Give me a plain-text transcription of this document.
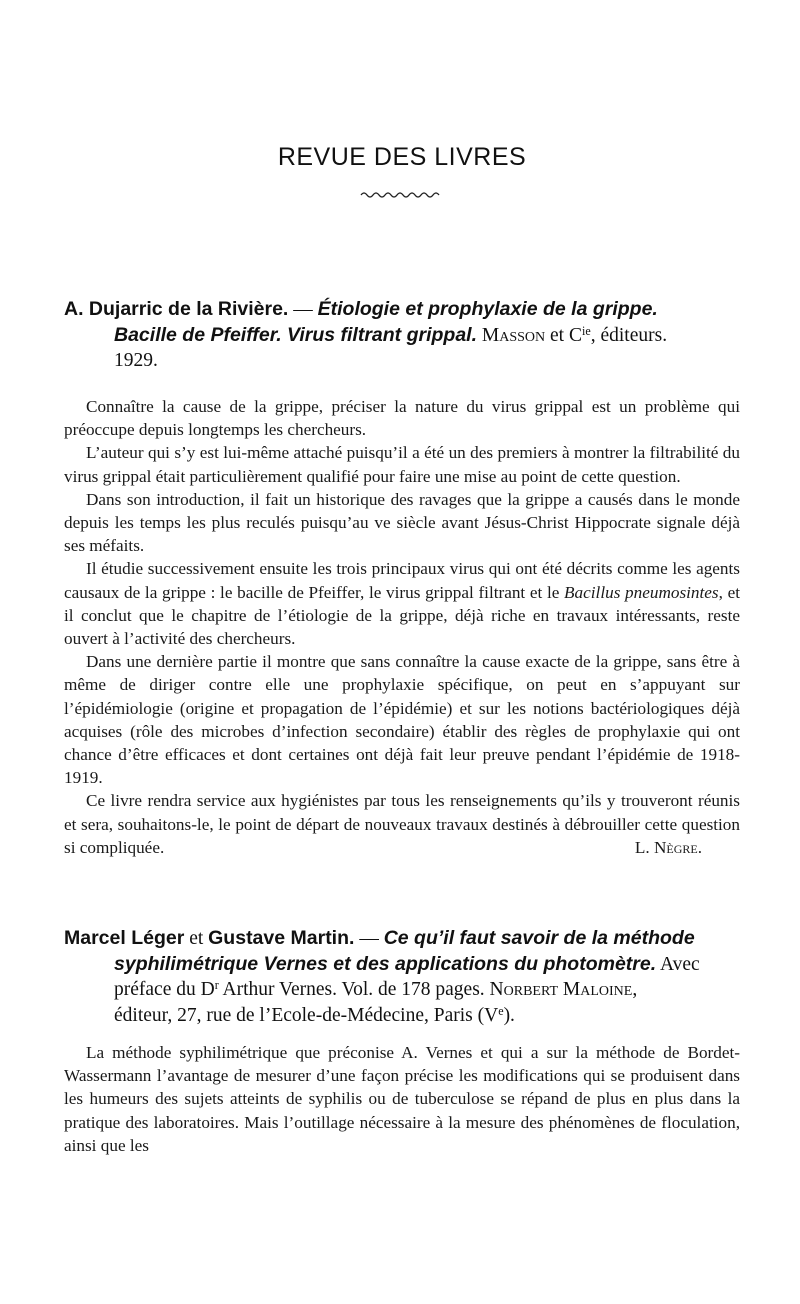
REVUE DES LIVRES
A. Dujarric de la Rivière. — Étiologie et prophylaxie de la grippe.
Bacille de Pfeiffer. Virus filtrant grippal. Masson et $C^{ie}$, éditeurs.
1929.

Connaître la cause de la grippe, préciser la nature du virus grippal est un problème qui préoccupe depuis longtemps les chercheurs.

L’auteur qui s’y est lui-même attaché puisqu’il a été un des premiers à montrer la filtrabilité du virus grippal était particulièrement qualifié pour faire une mise au point de cette question.

Dans son introduction, il fait un historique des ravages que la grippe a causés dans le monde depuis les temps les plus reculés puisqu’au ve siècle avant Jésus-Christ Hippocrate signale déjà ses méfaits.

Il étudie successivement ensuite les trois principaux virus qui ont été décrits comme les agents causaux de la grippe : le bacille de Pfeiffer, le virus grippal filtrant et le Bacillus pneumosintes, et il conclut que le chapitre de l’étiologie de la grippe, déjà riche en travaux intéressants, reste ouvert à l’activité des chercheurs.

Dans une dernière partie il montre que sans connaître la cause exacte de la grippe, sans être à même de diriger contre elle une prophylaxie spécifique, on peut en s’appuyant sur l’épidémiologie (origine et propagation de l’épidémie) et sur les notions bactériologiques déjà acquises (rôle des microbes d’infection secondaire) établir des règles de prophylaxie qui ont chance d’être efficaces et dont certaines ont déjà fait leur preuve pendant l’épidémie de 1918-1919.

Ce livre rendra service aux hygiénistes par tous les renseignements qu’ils y trouveront réunis et sera, souhaitons-le, le point de départ de nouveaux travaux destinés à débrouiller cette question si compliquée.	L. Nègre.

Marcel Léger et Gustave Martin. — Ce qu’il faut savoir de la méthode
syphilimétrique Vernes et des applications du photomètre. Avec
préface du $D^r$ Arthur Vernes. Vol. de 178 pages. Norbert Maloine,
éditeur, 27, rue de l’Ecole-de-Médecine, Paris (Ve).

La méthode syphilimétrique que préconise A. Vernes et qui a sur la méthode de Bordet-Wassermann l’avantage de mesurer d’une façon précise les modifications qui se produisent dans les humeurs des sujets atteints de syphilis ou de tuberculose se répand de plus en plus dans la pratique des laboratoires. Mais l’outillage nécessaire à la mesure des phénomènes de floculation, ainsi que les
